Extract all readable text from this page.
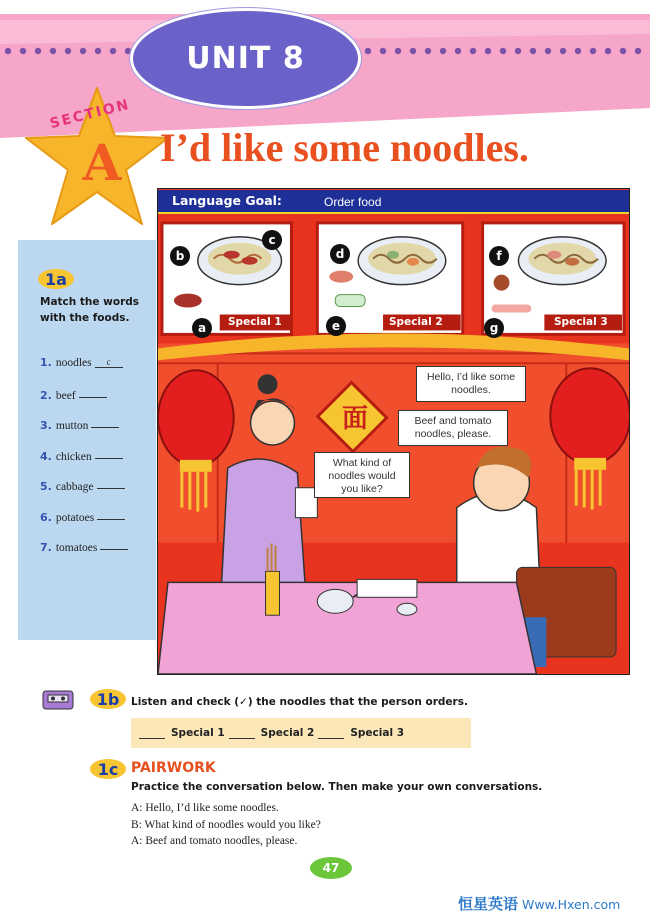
UNIT 8
SECTION
A I’d like some noodles.
1a
Match the words with the foods.
1. noodles c
2. beef
3. mutton
4. chicken
5. cabbage
6. potatoes
7. tomatoes
Language Goal:	Order food
b
c
a
d
e
f
g
Special 1	Special 2	Special 3
面
Hello, I’d like some noodles.
Beef and tomato noodles, please.
What kind of noodles would you like?
1b Listen and check (✓) the noodles that the person orders.
Special 1	Special 2	Special 3
1c PAIRWORK
Practice the conversation below. Then make your own conversations.
A: Hello, I’d like some noodles.
B: What kind of noodles would you like?
A: Beef and tomato noodles, please.
47
恒星英语 Www.Hxen.com
